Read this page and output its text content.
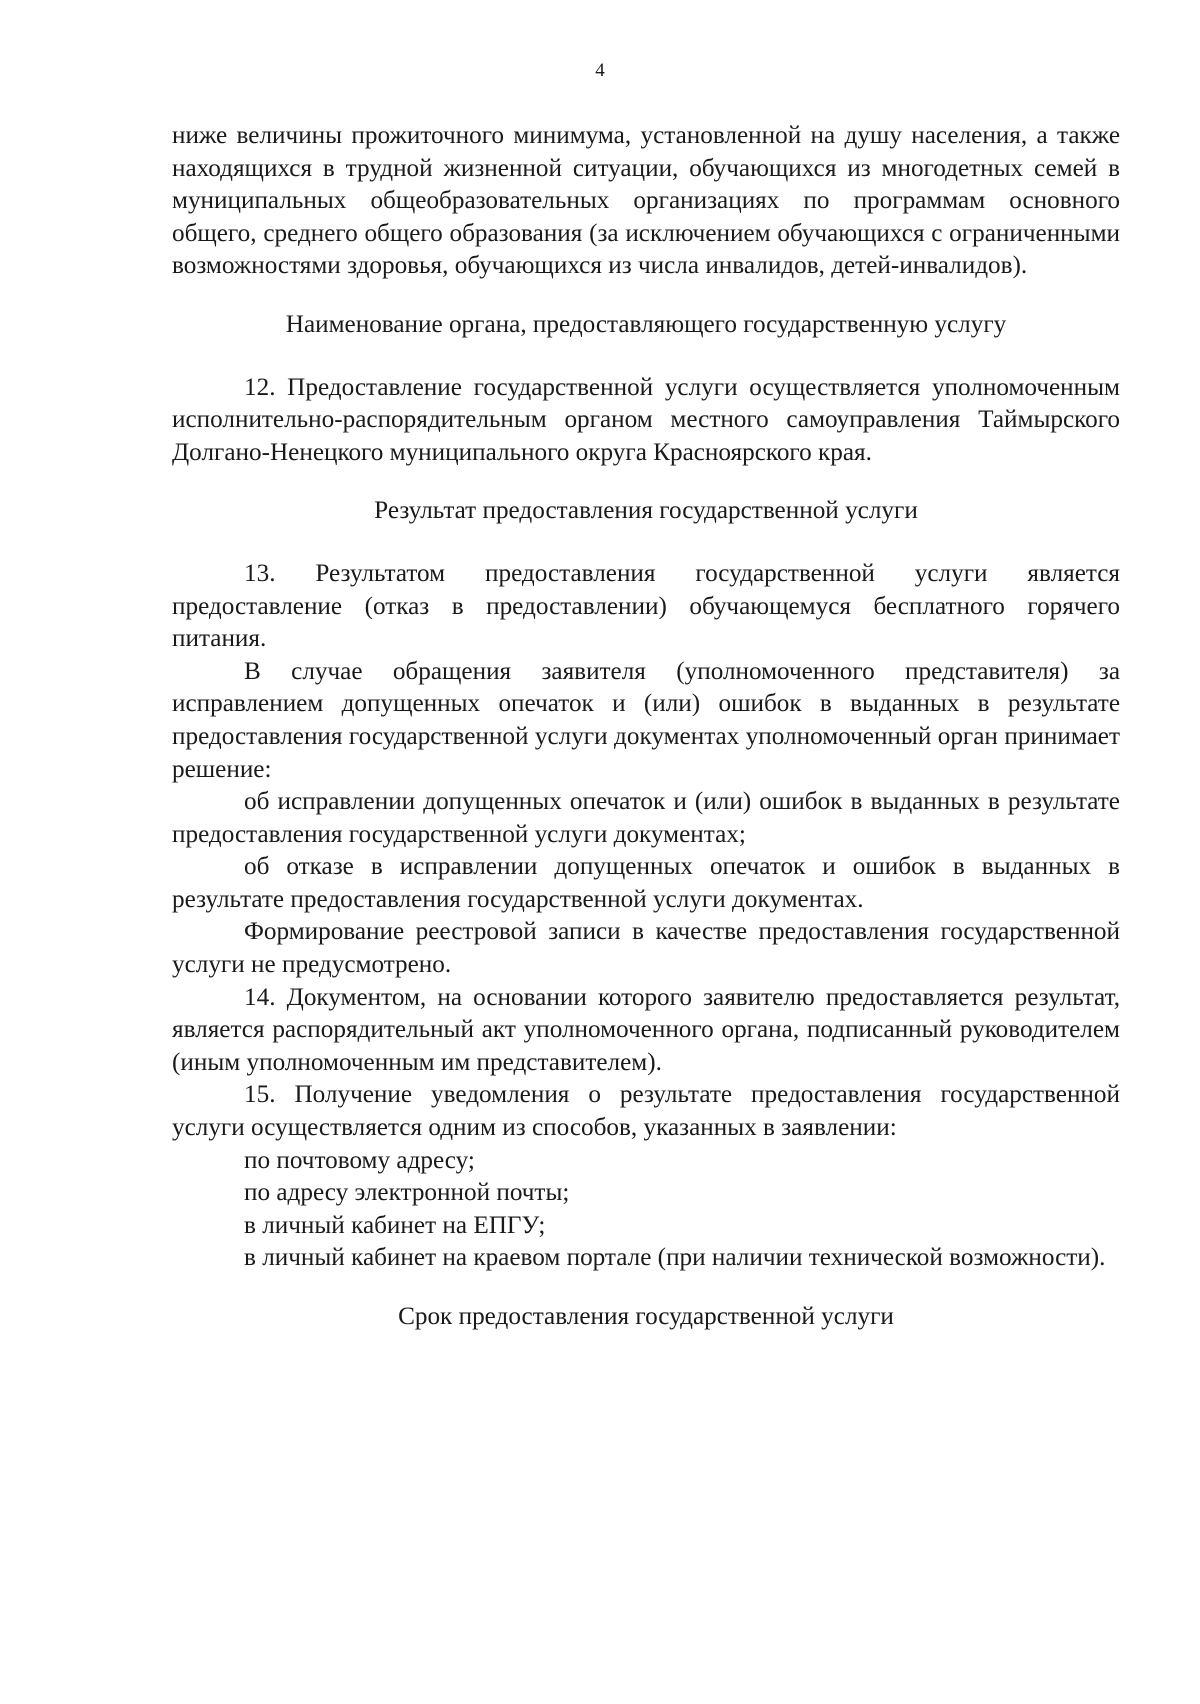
4

ниже величины прожиточного минимума, установленной на душу населения, а также находящихся в трудной жизненной ситуации, обучающихся из многодетных семей в муниципальных общеобразовательных организациях по программам основного общего, среднего общего образования (за исключением обучающихся с ограниченными возможностями здоровья, обучающихся из числа инвалидов, детей-инвалидов).

Наименование органа, предоставляющего государственную услугу

12. Предоставление государственной услуги осуществляется уполномоченным исполнительно-распорядительным органом местного самоуправления Таймырского Долгано-Ненецкого муниципального округа Красноярского края.

Результат предоставления государственной услуги

13. Результатом предоставления государственной услуги является предоставление (отказ в предоставлении) обучающемуся бесплатного горячего питания.

В случае обращения заявителя (уполномоченного представителя) за исправлением допущенных опечаток и (или) ошибок в выданных в результате предоставления государственной услуги документах уполномоченный орган принимает решение:

об исправлении допущенных опечаток и (или) ошибок в выданных в результате предоставления государственной услуги документах;

об отказе в исправлении допущенных опечаток и ошибок в выданных в результате предоставления государственной услуги документах.

Формирование реестровой записи в качестве предоставления государственной услуги не предусмотрено.

14. Документом, на основании которого заявителю предоставляется результат, является распорядительный акт уполномоченного органа, подписанный руководителем (иным уполномоченным им представителем).

15. Получение уведомления о результате предоставления государственной услуги осуществляется одним из способов, указанных в заявлении:

по почтовому адресу;

по адресу электронной почты;

в личный кабинет на ЕПГУ;

в личный кабинет на краевом портале (при наличии технической возможности).

Срок предоставления государственной услуги
